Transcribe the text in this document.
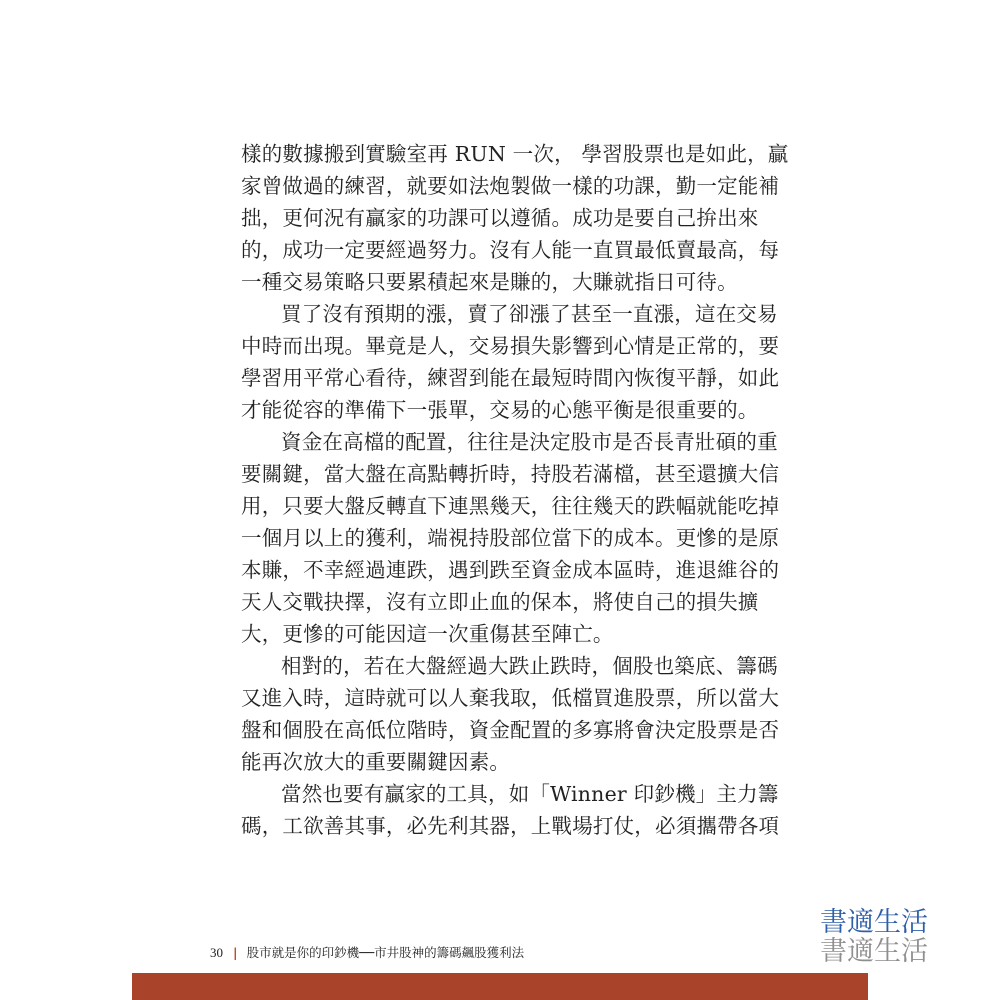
樣的數據搬到實驗室再 RUN 一次， 學習股票也是如此，贏
家曾做過的練習，就要如法炮製做一樣的功課，勤一定能補
拙，更何況有贏家的功課可以遵循。成功是要自己拚出來
的，成功一定要經過努力。沒有人能一直買最低賣最高，每
一種交易策略只要累積起來是賺的，大賺就指日可待。
買了沒有預期的漲，賣了卻漲了甚至一直漲，這在交易
中時而出現。畢竟是人，交易損失影響到心情是正常的，要
學習用平常心看待，練習到能在最短時間內恢復平靜，如此
才能從容的準備下一張單，交易的心態平衡是很重要的。
資金在高檔的配置，往往是決定股市是否長青壯碩的重
要關鍵，當大盤在高點轉折時，持股若滿檔，甚至還擴大信
用，只要大盤反轉直下連黑幾天，往往幾天的跌幅就能吃掉
一個月以上的獲利，端視持股部位當下的成本。更慘的是原
本賺，不幸經過連跌，遇到跌至資金成本區時，進退維谷的
天人交戰抉擇，沒有立即止血的保本，將使自己的損失擴
大，更慘的可能因這一次重傷甚至陣亡。
相對的，若在大盤經過大跌止跌時，個股也築底、籌碼
又進入時，這時就可以人棄我取，低檔買進股票，所以當大
盤和個股在高低位階時，資金配置的多寡將會決定股票是否
能再次放大的重要關鍵因素。
當然也要有贏家的工具，如「Winner 印鈔機」主力籌
碼，工欲善其事，必先利其器，上戰場打仗，必須攜帶各項
30 | 股市就是你的印鈔機──市井股神的籌碼飆股獲利法
書適生活
書適生活
